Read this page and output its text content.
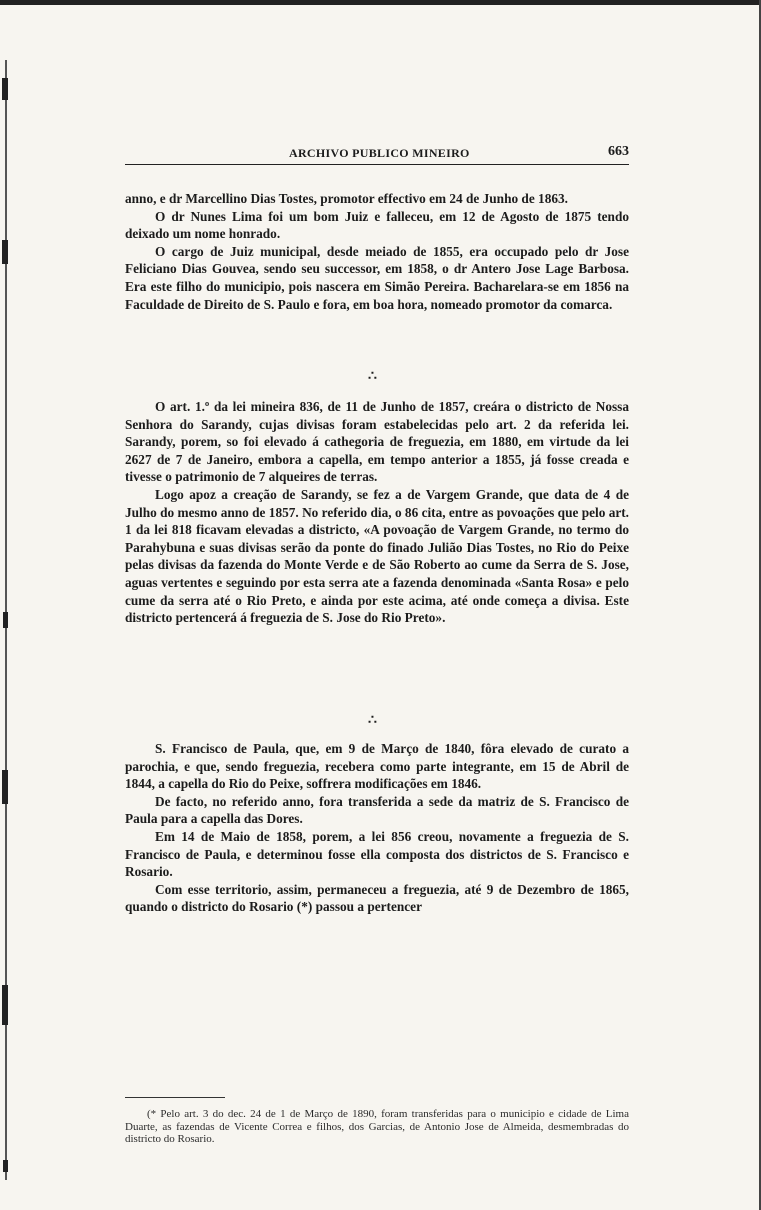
ARCHIVO PUBLICO MINEIRO	663

anno, e dr Marcellino Dias Tostes, promotor effectivo em 24 de Junho de 1863.

O dr Nunes Lima foi um bom Juiz e falleceu, em 12 de Agosto de 1875 tendo deixado um nome honrado.

O cargo de Juiz municipal, desde meiado de 1855, era occupado pelo dr Jose Feliciano Dias Gouvea, sendo seu successor, em 1858, o dr Antero Jose Lage Barbosa. Era este filho do municipio, pois nascera em Simão Pereira. Bacharelara-se em 1856 na Faculdade de Direito de S. Paulo e fora, em boa hora, nomeado promotor da comarca.

∴

O art. 1.º da lei mineira 836, de 11 de Junho de 1857, creára o districto de Nossa Senhora do Sarandy, cujas divisas foram estabelecidas pelo art. 2 da referida lei. Sarandy, porem, so foi elevado á cathegoria de freguezia, em 1880, em virtude da lei 2627 de 7 de Janeiro, embora a capella, em tempo anterior a 1855, já fosse creada e tivesse o patrimonio de 7 alqueires de terras.

Logo apoz a creação de Sarandy, se fez a de Vargem Grande, que data de 4 de Julho do mesmo anno de 1857. No referido dia, o 86 cita, entre as povoações que pelo art. 1 da lei 818 ficavam elevadas a districto, «A povoação de Vargem Grande, no termo do Parahybuna e suas divisas serão da ponte do finado Julião Dias Tostes, no Rio do Peixe pelas divisas da fazenda do Monte Verde e de São Roberto ao cume da Serra de S. Jose, aguas vertentes e seguindo por esta serra ate a fazenda denominada «Santa Rosa» e pelo cume da serra até o Rio Preto, e ainda por este acima, até onde começa a divisa. Este districto pertencerá á freguezia de S. Jose do Rio Preto».

∴

S. Francisco de Paula, que, em 9 de Março de 1840, fôra elevado de curato a parochia, e que, sendo freguezia, recebera como parte integrante, em 15 de Abril de 1844, a capella do Rio do Peixe, soffrera modificações em 1846.

De facto, no referido anno, fora transferida a sede da matriz de S. Francisco de Paula para a capella das Dores.

Em 14 de Maio de 1858, porem, a lei 856 creou, novamente a freguezia de S. Francisco de Paula, e determinou fosse ella composta dos districtos de S. Francisco e Rosario.

Com esse territorio, assim, permaneceu a freguezia, até 9 de Dezembro de 1865, quando o districto do Rosario (*) passou a pertencer

(* Pelo art. 3 do dec. 24 de 1 de Março de 1890, foram transferidas para o municipio e cidade de Lima Duarte, as fazendas de Vicente Correa e filhos, dos Garcias, de Antonio Jose de Almeida, desmembradas do districto do Rosario.
